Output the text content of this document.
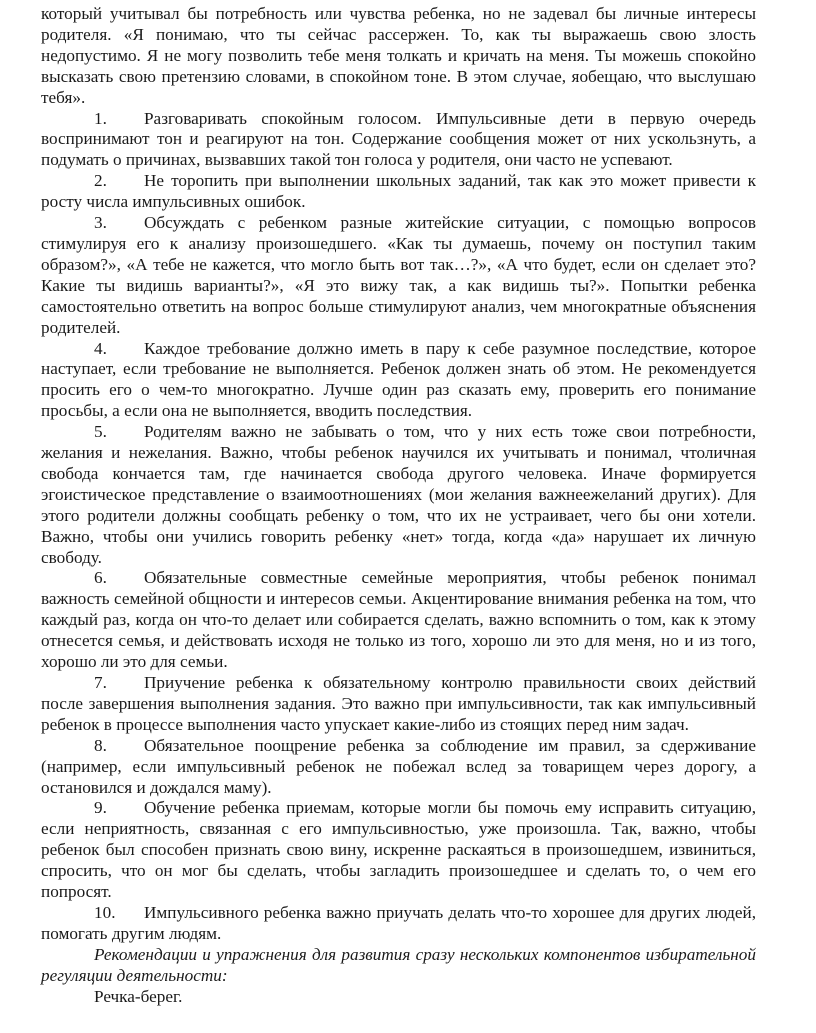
который учитывал бы потребность или чувства ребенка, но не задевал бы личные интересы родителя. «Я понимаю, что ты сейчас рассержен. То, как ты выражаешь свою злость недопустимо. Я не могу позволить тебе меня толкать и кричать на меня. Ты можешь спокойно высказать свою претензию словами, в спокойном тоне. В этом случае, яобещаю, что выслушаю тебя».

1. Разговаривать спокойным голосом. Импульсивные дети в первую очередь воспринимают тон и реагируют на тон. Содержание сообщения может от них ускользнуть, а подумать о причинах, вызвавших такой тон голоса у родителя, они часто не успевают.

2. Не торопить при выполнении школьных заданий, так как это может привести к росту числа импульсивных ошибок.

3. Обсуждать с ребенком разные житейские ситуации, с помощью вопросов стимулируя его к анализу произошедшего. «Как ты думаешь, почему он поступил таким образом?», «А тебе не кажется, что могло быть вот так…?», «А что будет, если он сделает это? Какие ты видишь варианты?», «Я это вижу так, а как видишь ты?». Попытки ребенка самостоятельно ответить на вопрос больше стимулируют анализ, чем многократные объяснения родителей.

4. Каждое требование должно иметь в пару к себе разумное последствие, которое наступает, если требование не выполняется. Ребенок должен знать об этом. Не рекомендуется просить его о чем-то многократно. Лучше один раз сказать ему, проверить его понимание просьбы, а если она не выполняется, вводить последствия.

5. Родителям важно не забывать о том, что у них есть тоже свои потребности, желания и нежелания. Важно, чтобы ребенок научился их учитывать и понимал, чтоличная свобода кончается там, где начинается свобода другого человека. Иначе формируется эгоистическое представление о взаимоотношениях (мои желания важнеежеланий других). Для этого родители должны сообщать ребенку о том, что их не устраивает, чего бы они хотели. Важно, чтобы они учились говорить ребенку «нет» тогда, когда «да» нарушает их личную свободу.

6. Обязательные совместные семейные мероприятия, чтобы ребенок понимал важность семейной общности и интересов семьи. Акцентирование внимания ребенка на том, что каждый раз, когда он что-то делает или собирается сделать, важно вспомнить о том, как к этому отнесется семья, и действовать исходя не только из того, хорошо ли это для меня, но и из того, хорошо ли это для семьи.

7. Приучение ребенка к обязательному контролю правильности своих действий после завершения выполнения задания. Это важно при импульсивности, так как импульсивный ребенок в процессе выполнения часто упускает какие-либо из стоящих перед ним задач.

8. Обязательное поощрение ребенка за соблюдение им правил, за сдерживание (например, если импульсивный ребенок не побежал вслед за товарищем через дорогу, а остановился и дождался маму).

9. Обучение ребенка приемам, которые могли бы помочь ему исправить ситуацию, если неприятность, связанная с его импульсивностью, уже произошла. Так, важно, чтобы ребенок был способен признать свою вину, искренне раскаяться в произошедшем, извиниться, спросить, что он мог бы сделать, чтобы загладить произошедшее и сделать то, о чем его попросят.

10. Импульсивного ребенка важно приучать делать что-то хорошее для других людей, помогать другим людям.

Рекомендации и упражнения для развития сразу нескольких компонентов избирательной регуляции деятельности:

Речка-берег.
